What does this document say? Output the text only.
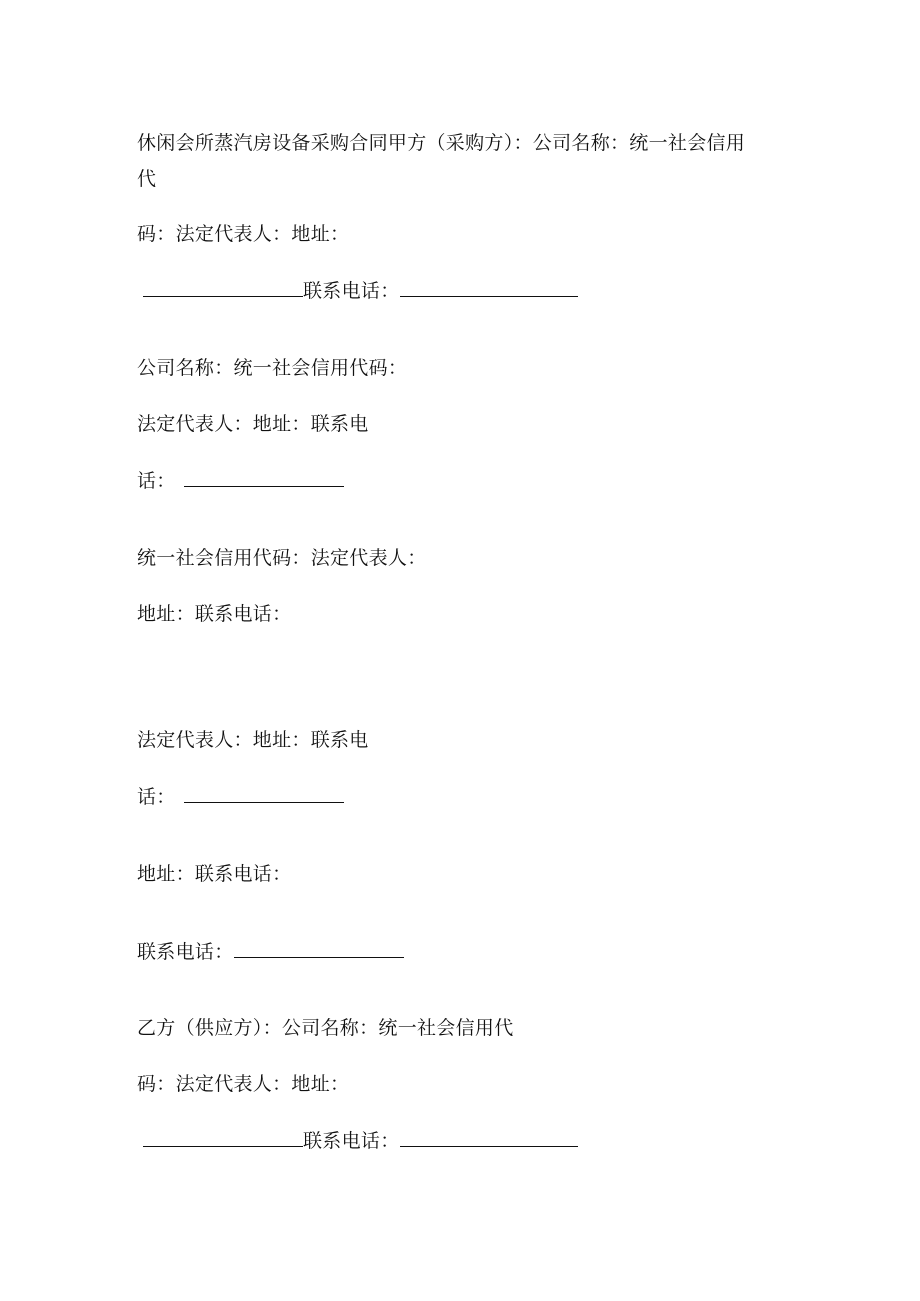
休闲会所蒸汽房设备采购合同甲方（采购方）：公司名称：统一社会信用
代
码：法定代表人：地址：
联系电话：
公司名称：统一社会信用代码：
法定代表人：地址：联系电
话：
统一社会信用代码：法定代表人：
地址：联系电话：
法定代表人：地址：联系电
话：
地址：联系电话：
联系电话：
乙方（供应方）：公司名称：统一社会信用代
码：法定代表人：地址：
联系电话：
